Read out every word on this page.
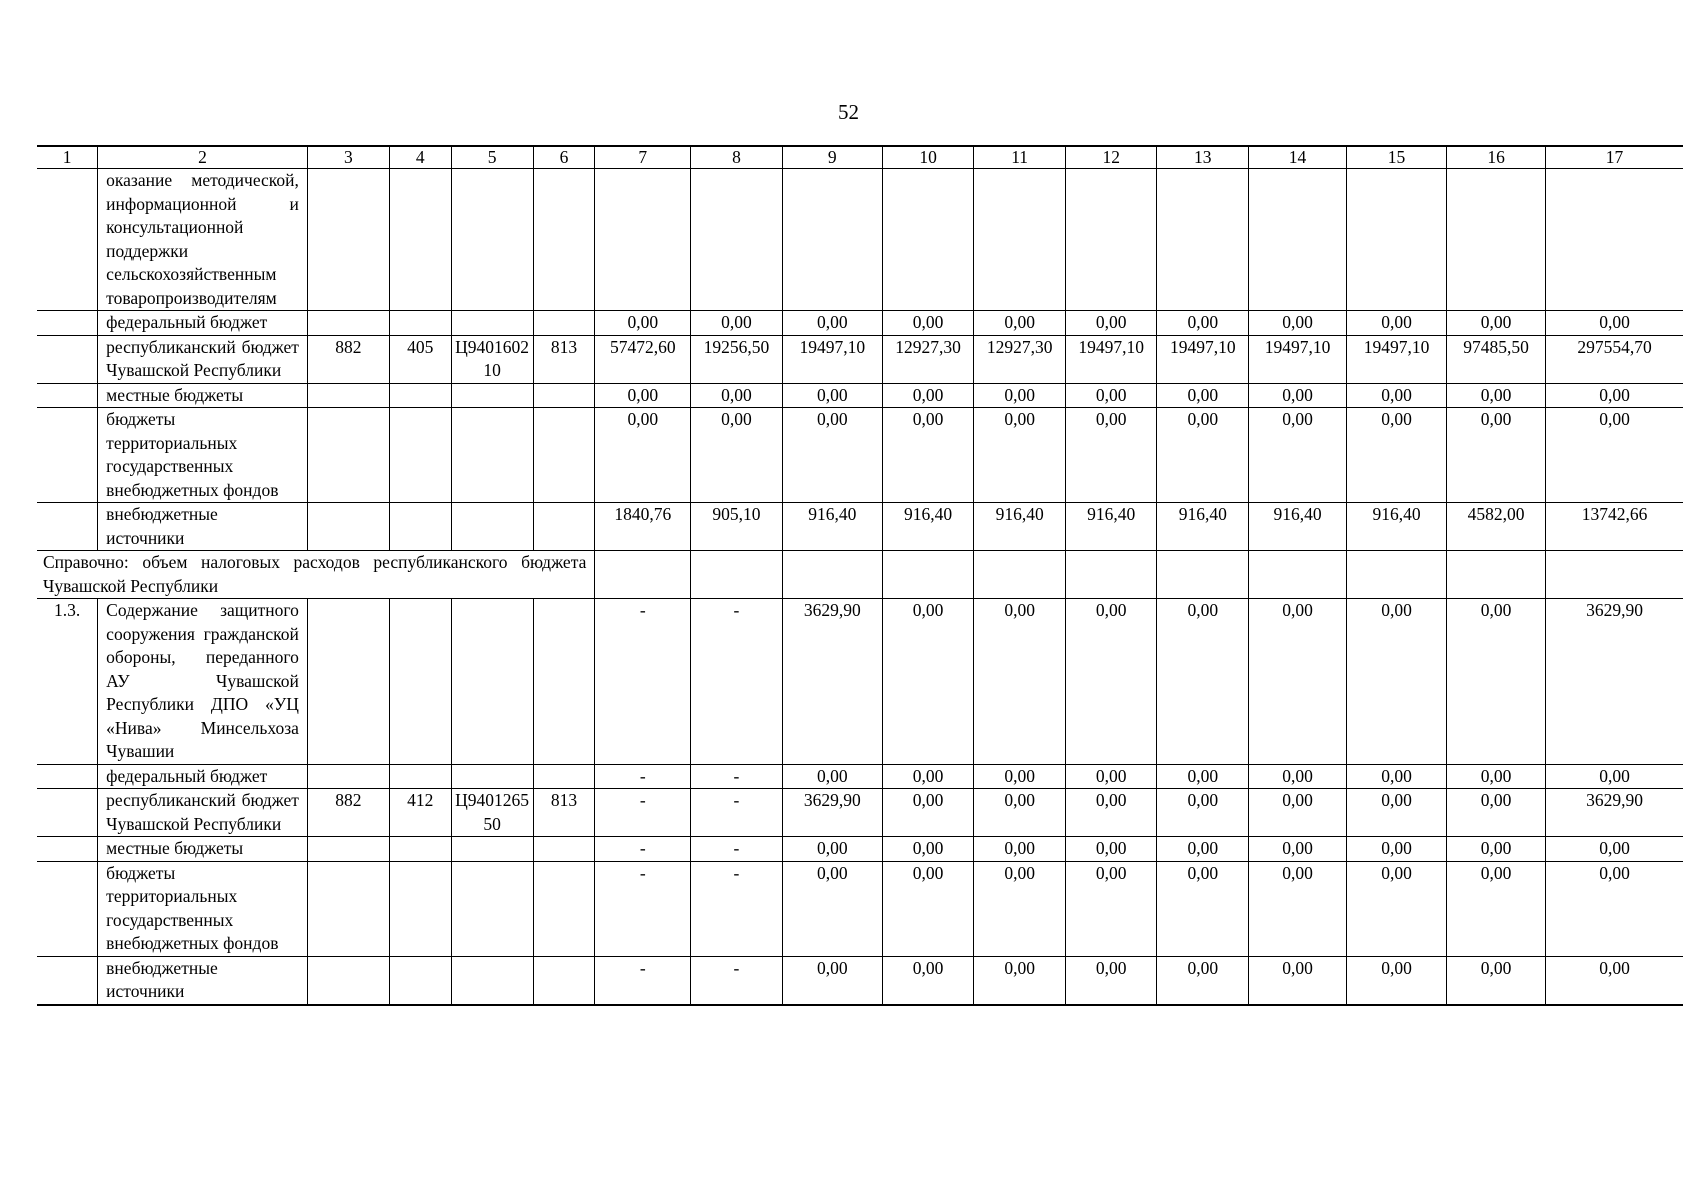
52
1	2	3	4	5	6	7	8	9	10	11	12	13	14	15	16	17
	оказание методической, информационной и консультационной поддержки сельскохозяйственным товаропроизводителям															
	федеральный бюджет					0,00	0,00	0,00	0,00	0,00	0,00	0,00	0,00	0,00	0,00	0,00
	республиканский бюджет Чувашской Республики	882	405	Ц940160210	813	57472,60	19256,50	19497,10	12927,30	12927,30	19497,10	19497,10	19497,10	19497,10	97485,50	297554,70
	местные бюджеты					0,00	0,00	0,00	0,00	0,00	0,00	0,00	0,00	0,00	0,00	0,00
	бюджеты территориальных государственных внебюджетных фондов					0,00	0,00	0,00	0,00	0,00	0,00	0,00	0,00	0,00	0,00	0,00
	внебюджетные источники					1840,76	905,10	916,40	916,40	916,40	916,40	916,40	916,40	916,40	4582,00	13742,66
Справочно: объем налоговых расходов республиканского бюджета Чувашской Республики																
1.3.	Содержание защитного сооружения гражданской обороны, переданного АУ Чувашской Республики ДПО «УЦ «Нива» Минсельхоза Чувашии					-	-	3629,90	0,00	0,00	0,00	0,00	0,00	0,00	0,00	3629,90
	федеральный бюджет					-	-	0,00	0,00	0,00	0,00	0,00	0,00	0,00	0,00	0,00
	республиканский бюджет Чувашской Республики	882	412	Ц940126550	813	-	-	3629,90	0,00	0,00	0,00	0,00	0,00	0,00	0,00	3629,90
	местные бюджеты					-	-	0,00	0,00	0,00	0,00	0,00	0,00	0,00	0,00	0,00
	бюджеты территориальных государственных внебюджетных фондов					-	-	0,00	0,00	0,00	0,00	0,00	0,00	0,00	0,00	0,00
	внебюджетные источники					-	-	0,00	0,00	0,00	0,00	0,00	0,00	0,00	0,00	0,00
